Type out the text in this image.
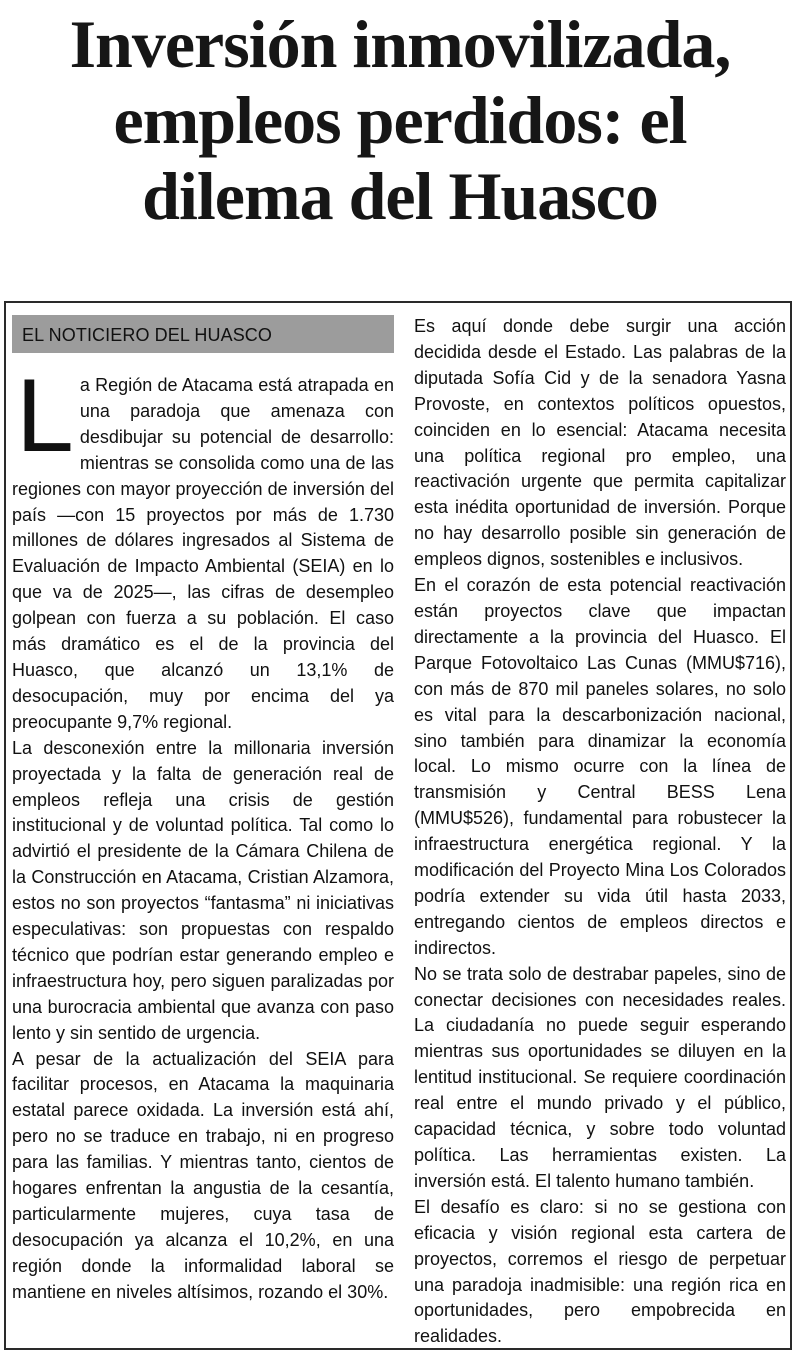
Inversión inmovilizada,
empleos perdidos: el
dilema del Huasco
EL NOTICIERO DEL HUASCO

La Región de Atacama está atrapada en una paradoja que amenaza con desdibujar su potencial de desarrollo: mientras se consolida como una de las regiones con mayor proyección de inversión del país —con 15 proyectos por más de 1.730 millones de dólares ingresados al Sistema de Evaluación de Impacto Ambiental (SEIA) en lo que va de 2025—, las cifras de desempleo golpean con fuerza a su población. El caso más dramático es el de la provincia del Huasco, que alcanzó un 13,1% de desocupación, muy por encima del ya preocupante 9,7% regional.

La desconexión entre la millonaria inversión proyectada y la falta de generación real de empleos refleja una crisis de gestión institucional y de voluntad política. Tal como lo advirtió el presidente de la Cámara Chilena de la Construcción en Atacama, Cristian Alzamora, estos no son proyectos “fantasma” ni iniciativas especulativas: son propuestas con respaldo técnico que podrían estar generando empleo e infraestructura hoy, pero siguen paralizadas por una burocracia ambiental que avanza con paso lento y sin sentido de urgencia.

A pesar de la actualización del SEIA para facilitar procesos, en Atacama la maquinaria estatal parece oxidada. La inversión está ahí, pero no se traduce en trabajo, ni en progreso para las familias. Y mientras tanto, cientos de hogares enfrentan la angustia de la cesantía, particularmente mujeres, cuya tasa de desocupación ya alcanza el 10,2%, en una región donde la informalidad laboral se mantiene en niveles altísimos, rozando el 30%.

Es aquí donde debe surgir una acción decidida desde el Estado. Las palabras de la diputada Sofía Cid y de la senadora Yasna Provoste, en contextos políticos opuestos, coinciden en lo esencial: Atacama necesita una política regional pro empleo, una reactivación urgente que permita capitalizar esta inédita oportunidad de inversión. Porque no hay desarrollo posible sin generación de empleos dignos, sostenibles e inclusivos.

En el corazón de esta potencial reactivación están proyectos clave que impactan directamente a la provincia del Huasco. El Parque Fotovoltaico Las Cunas (MMU$716), con más de 870 mil paneles solares, no solo es vital para la descarbonización nacional, sino también para dinamizar la economía local. Lo mismo ocurre con la línea de transmisión y Central BESS Lena (MMU$526), fundamental para robustecer la infraestructura energética regional. Y la modificación del Proyecto Mina Los Colorados podría extender su vida útil hasta 2033, entregando cientos de empleos directos e indirectos.

No se trata solo de destrabar papeles, sino de conectar decisiones con necesidades reales. La ciudadanía no puede seguir esperando mientras sus oportunidades se diluyen en la lentitud institucional. Se requiere coordinación real entre el mundo privado y el público, capacidad técnica, y sobre todo voluntad política. Las herramientas existen. La inversión está. El talento humano también.

El desafío es claro: si no se gestiona con eficacia y visión regional esta cartera de proyectos, corremos el riesgo de perpetuar una paradoja inadmisible: una región rica en oportunidades, pero empobrecida en realidades.
